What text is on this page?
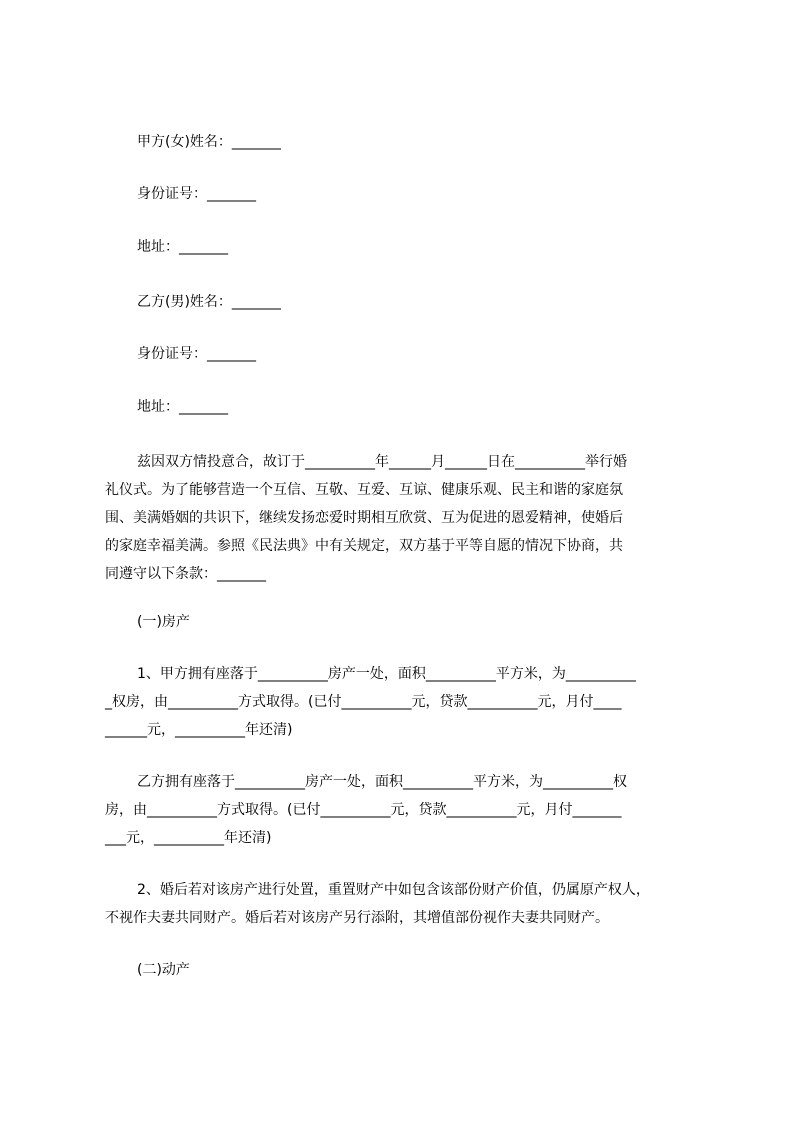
甲方(女)姓名：_______
身份证号：_______
地址：_______
乙方(男)姓名：_______
身份证号：_______
地址：_______
兹因双方情投意合，故订于__________年______月______日在__________举行婚
礼仪式。为了能够营造一个互信、互敬、互爱、互谅、健康乐观、民主和谐的家庭氛
围、美满婚姻的共识下，继续发扬恋爱时期相互欣赏、互为促进的恩爱精神，使婚后
的家庭幸福美满。参照《民法典》中有关规定，双方基于平等自愿的情况下协商，共
同遵守以下条款：_______
(一)房产
1、甲方拥有座落于__________房产一处，面积__________平方米，为__________
_权房，由__________方式取得。(已付__________元，贷款__________元，月付____
______元，__________年还清)
乙方拥有座落于__________房产一处，面积__________平方米，为__________权
房，由__________方式取得。(已付__________元，贷款__________元，月付_______
___元，__________年还清)
2、婚后若对该房产进行处置，重置财产中如包含该部份财产价值，仍属原产权人，
不视作夫妻共同财产。婚后若对该房产另行添附，其增值部份视作夫妻共同财产。
(二)动产
